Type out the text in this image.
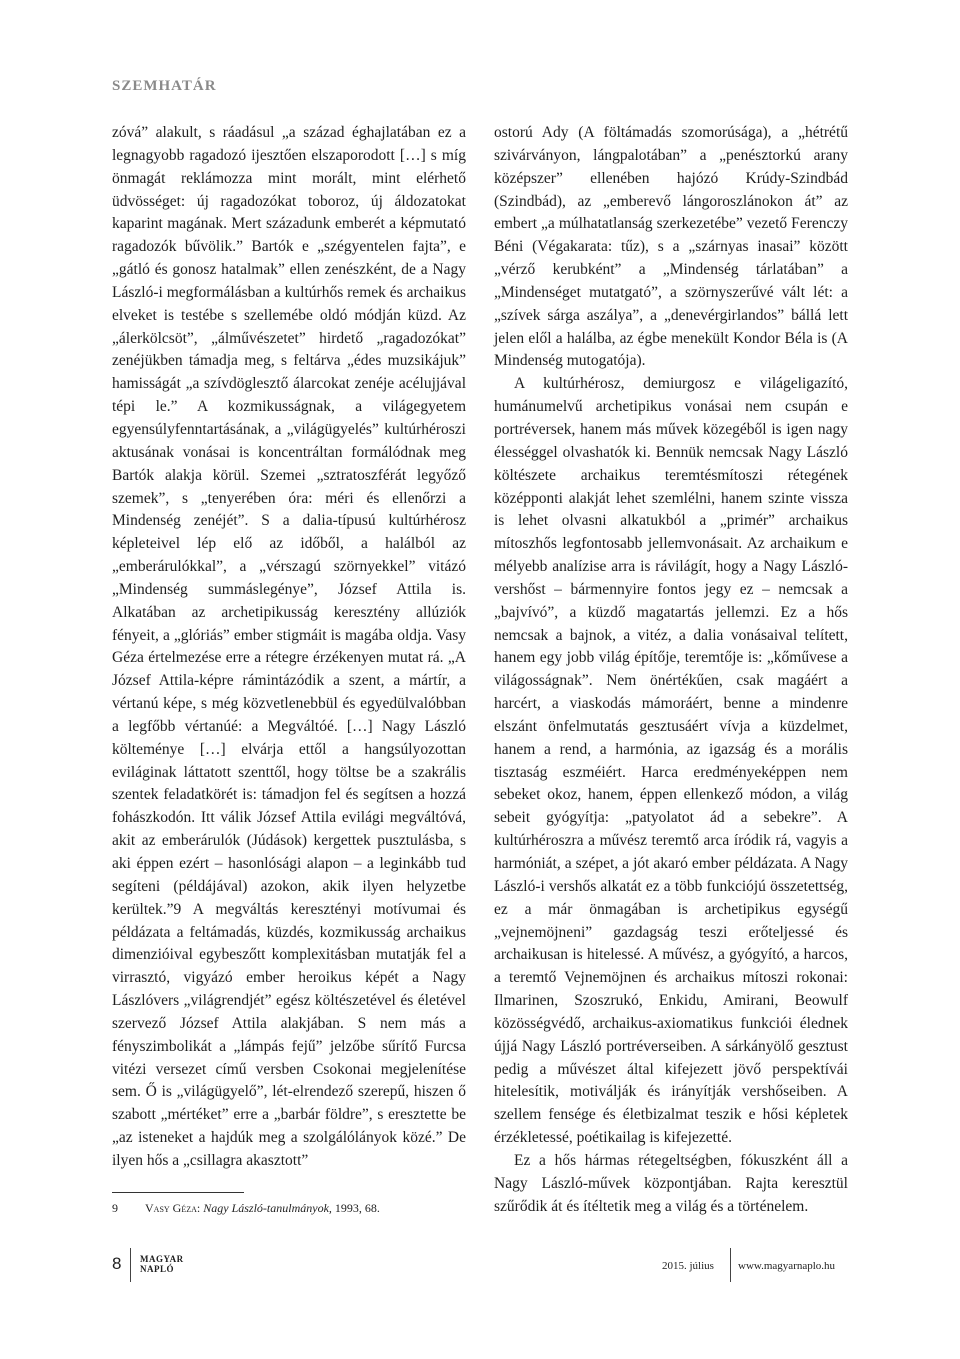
SZEMHATÁR

zóvá” alakult, s ráadásul „a század éghajlatában ez a legnagyobb ragadozó ijesztően elszaporodott […] s míg önmagát reklámozza mint morált, mint elérhető üdvösséget: új ragadozókat toboroz, új áldozatokat kaparint magának. Mert századunk emberét a képmutató ragadozók bűvölik.” Bartók e „szégyentelen fajta”, e „gátló és gonosz hatalmak” ellen zenészként, de a Nagy László-i megformálásban a kultúrhős remek és archaikus elveket is testébe s szellemébe oldó módján küzd. Az „álerkölcsöt”, „álművészetet” hirdető „ragadozókat” zenéjükben támadja meg, s feltárva „édes muzsikájuk” hamisságát „a szívdöglesztő álarcokat zenéje acélujjával tépi le.” A kozmikusságnak, a világegyetem egyensúlyfenntartásának, a „világügyelés” kultúrhéroszi aktusának vonásai is koncentráltan formálódnak meg Bartók alakja körül. Szemei „sztratoszférát legyőző szemek”, s „tenyerében óra: méri és ellenőrzi a Mindenség zenéjét”. S a dalia-típusú kultúrhérosz képleteivel lép elő az időből, a halálból az „emberárulókkal”, a „vérszagú szörnyekkel” vitázó „Mindenség summáslegénye”, József Attila is. Alkatában az archetipikusság keresztény allúziók fényeit, a „glóriás” ember stigmáit is magába oldja. Vasy Géza értelmezése erre a rétegre érzékenyen mutat rá. „A József Attila-képre rámintázódik a szent, a mártír, a vértanú képe, s még közvetlenebbül és egyedülvalóbban a legfőbb vértanúé: a Megváltóé. […] Nagy László költeménye […] elvárja ettől a hangsúlyozottan eviláginak láttatott szenttől, hogy töltse be a szakrális szentek feladatkörét is: támadjon fel és segítsen a hozzá fohászkodón. Itt válik József Attila evilági megváltóvá, akit az emberárulók (Júdások) kergettek pusztulásba, s aki éppen ezért – hasonlósági alapon – a leginkább tud segíteni (példájával) azokon, akik ilyen helyzetbe kerültek.”9 A megváltás keresztényi motívumai és példázata a feltámadás, küzdés, kozmikusság archaikus dimenzióival egybeszőtt komplexitásban mutatják fel a virrasztó, vigyázó ember heroikus képét a Nagy Lászlóvers „világrendjét” egész költészetével és életével szervező József Attila alakjában. S nem más a fényszimbolikát a „lámpás fejű” jelzőbe sűrítő Furcsa vitézi versezet című versben Csokonai megjelenítése sem. Ő is „világügyelő”, lét-elrendező szerepű, hiszen ő szabott „mértéket” erre a „barbár földre”, s eresztette be „az isteneket a hajdúk meg a szolgálólányok közé.” De ilyen hős a „csillagra akasztott”

ostorú Ady (A föltámadás szomorúsága), a „hétrétű szivárványon, lángpalotában” a „penésztorkú arany középszer” ellenében hajózó Krúdy-Szindbád (Szindbád), az „emberevő lángoroszlánokon át” az embert „a múlhatatlanság szerkezetébe” vezető Ferenczy Béni (Végakarata: tűz), s a „szárnyas inasai” között „vérző kerubként” a „Mindenség tárlatában” a „Mindenséget mutatgató”, a szörnyszerűvé vált lét: a „szívek sárga aszálya”, a „denevérgirlandos” bállá lett jelen elől a halálba, az égbe menekült Kondor Béla is (A Mindenség mutogatója).

A kultúrhérosz, demiurgosz e világeligazító, humánumelvű archetipikus vonásai nem csupán e portréversek, hanem más művek közegéből is igen nagy élességgel olvashatók ki. Bennük nemcsak Nagy László költészete archaikus teremtésmítoszi rétegének középponti alakját lehet szemlélni, hanem szinte vissza is lehet olvasni alkatukból a „primér” archaikus mítoszhős legfontosabb jellemvonásait. Az archaikum e mélyebb analízise arra is rávilágít, hogy a Nagy László-vershőst – bármennyire fontos jegy ez – nemcsak a „bajvívó”, a küzdő magatartás jellemzi. Ez a hős nemcsak a bajnok, a vitéz, a dalia vonásaival telített, hanem egy jobb világ építője, teremtője is: „kőművese a világosságnak”. Nem önértékűen, csak magáért a harcért, a viaskodás mámoráért, benne a mindenre elszánt önfelmutatás gesztusáért vívja a küzdelmet, hanem a rend, a harmónia, az igazság és a morális tisztaság eszméiért. Harca eredményeképpen nem sebeket okoz, hanem, éppen ellenkező módon, a világ sebeit gyógyítja: „patyolatot ád a sebekre”. A kultúrhéroszra a művész teremtő arca íródik rá, vagyis a harmóniát, a szépet, a jót akaró ember példázata. A Nagy László-i vershős alkatát ez a több funkciójú összetettség, ez a már önmagában is archetipikus egységű „vejnemöjneni” gazdagság teszi erőteljessé és archaikusan is hitelessé. A művész, a gyógyító, a harcos, a teremtő Vejnemöjnen és archaikus mítoszi rokonai: Ilmarinen, Szoszrukó, Enkidu, Amirani, Beowulf közösségvédő, archaikus-axiomatikus funkciói élednek újjá Nagy László portréverseiben. A sárkányölő gesztust pedig a művészet által kifejezett jövő perspektívái hitelesítik, motiválják és irányítják vershőseiben. A szellem fensége és életbizalmat teszik e hősi képletek érzékletessé, poétikailag is kifejezetté.

Ez a hős hármas rétegeltségben, fókuszként áll a Nagy László-művek központjában. Rajta keresztül szűrődik át és ítéltetik meg a világ és a történelem.

9 Vasy Géza: Nagy László-tanulmányok, 1993, 68.
8 MAGYAR
NAPLÓ	2015. július www.magyarnaplo.hu
